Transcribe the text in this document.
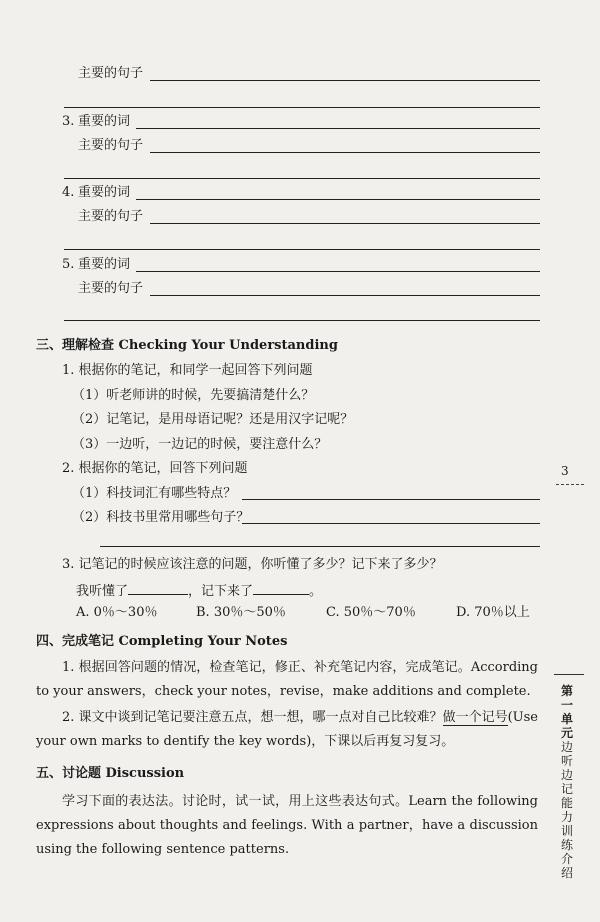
主要的句子
3. 重要的词
主要的句子
4. 重要的词
主要的句子
5. 重要的词
主要的句子
三、理解检查 Checking Your Understanding
1. 根据你的笔记，和同学一起回答下列问题
（1）听老师讲的时候，先要搞清楚什么？
（2）记笔记，是用母语记呢？还是用汉字记呢？
（3）一边听，一边记的时候，要注意什么？
2. 根据你的笔记，回答下列问题
（1）科技词汇有哪些特点？
（2）科技书里常用哪些句子？
3. 记笔记的时候应该注意的问题，你听懂了多少？记下来了多少？
我听懂了	，记下来了	。
A. 0％～30％	B. 30％～50％	C. 50％～70％	D. 70％以上
四、完成笔记 Completing Your Notes
1. 根据回答问题的情况，检查笔记，修正、补充笔记内容，完成笔记。According to your answers，check your notes，revise，make additions and complete.
2. 课文中谈到记笔记要注意五点，想一想，哪一点对自己比较难？做一个记号(Use your own marks to dentify the key words)，下课以后再复习复习。
五、讨论题 Discussion
学习下面的表达法。讨论时，试一试，用上这些表达句式。Learn the following expressions about thoughts and feelings. With a partner，have a discussion using the following sentence patterns.
3
第一单元
边听边记能力训练介绍
